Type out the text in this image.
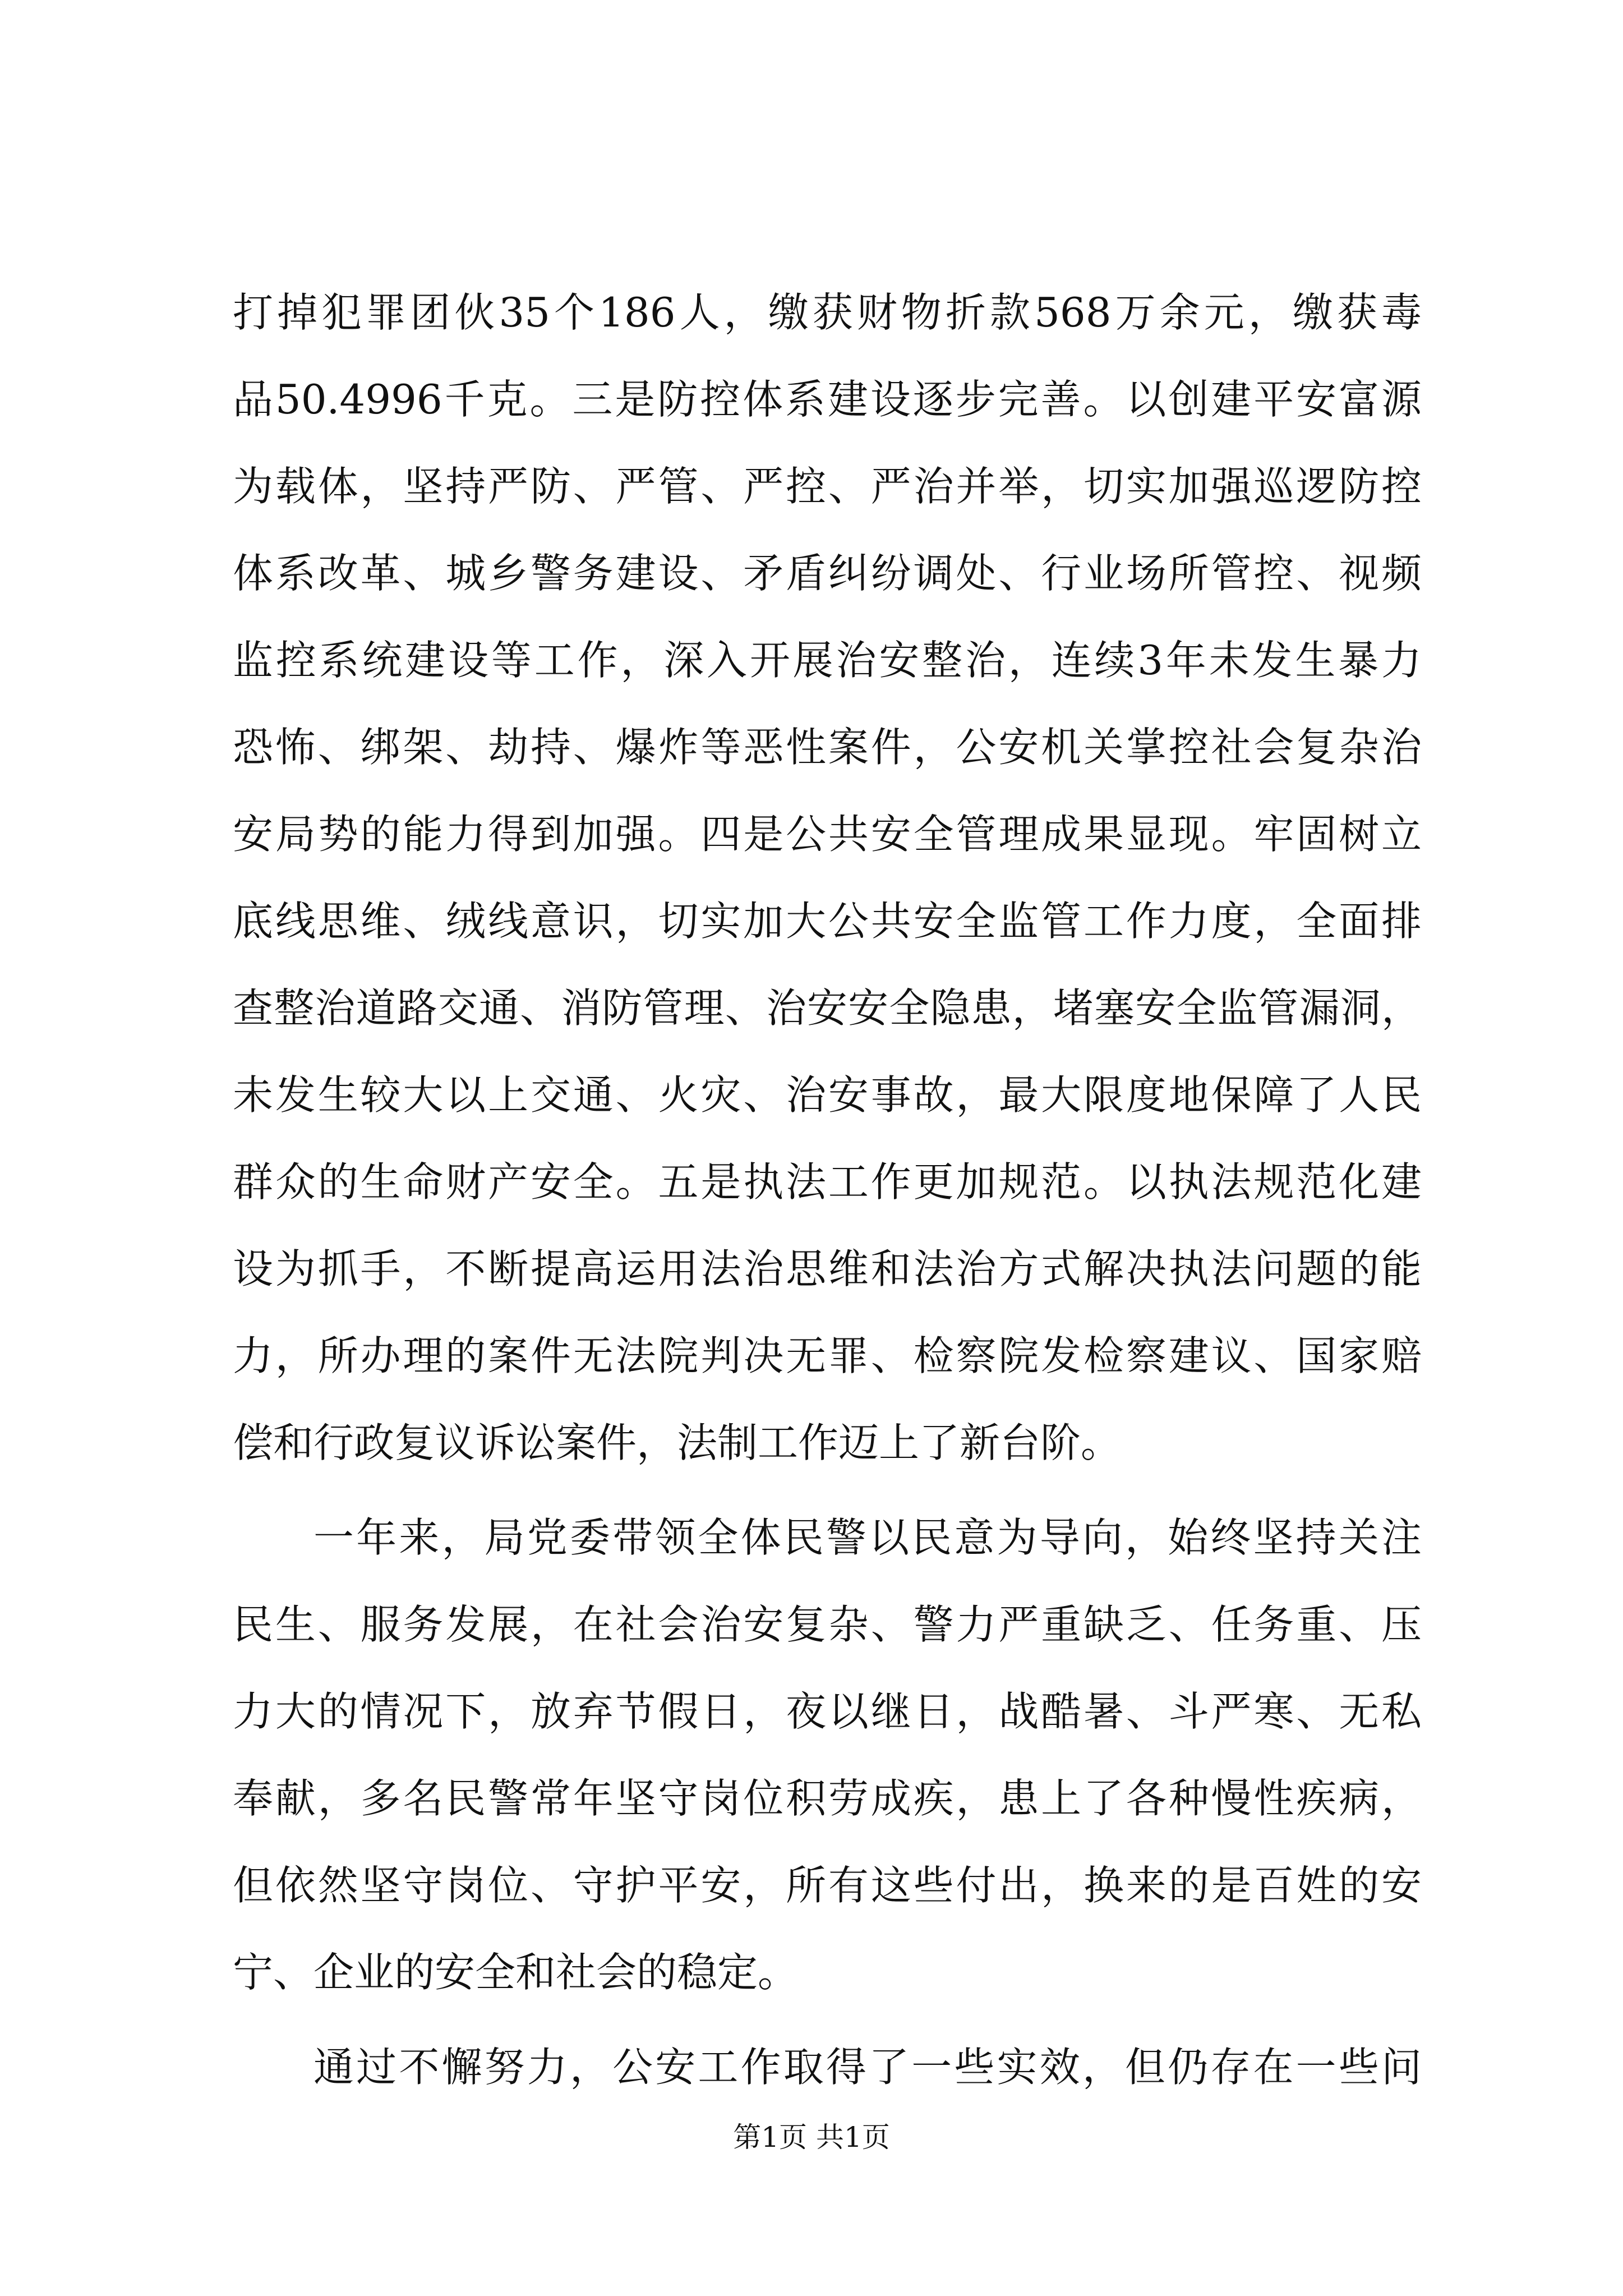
打掉犯罪团伙35个186人，缴获财物折款568万余元，缴获毒
品50.4996千克。三是防控体系建设逐步完善。以创建平安富源
为载体，坚持严防、严管、严控、严治并举，切实加强巡逻防控
体系改革、城乡警务建设、矛盾纠纷调处、行业场所管控、视频
监控系统建设等工作，深入开展治安整治，连续3年未发生暴力
恐怖、绑架、劫持、爆炸等恶性案件，公安机关掌控社会复杂治
安局势的能力得到加强。四是公共安全管理成果显现。牢固树立
底线思维、绒线意识，切实加大公共安全监管工作力度，全面排
查整治道路交通、消防管理、治安安全隐患，堵塞安全监管漏洞，
未发生较大以上交通、火灾、治安事故，最大限度地保障了人民
群众的生命财产安全。五是执法工作更加规范。以执法规范化建
设为抓手，不断提高运用法治思维和法治方式解决执法问题的能
力，所办理的案件无法院判决无罪、检察院发检察建议、国家赔
偿和行政复议诉讼案件，法制工作迈上了新台阶。
一年来，局党委带领全体民警以民意为导向，始终坚持关注
民生、服务发展，在社会治安复杂、警力严重缺乏、任务重、压
力大的情况下，放弃节假日，夜以继日，战酷暑、斗严寒、无私
奉献，多名民警常年坚守岗位积劳成疾，患上了各种慢性疾病，
但依然坚守岗位、守护平安，所有这些付出，换来的是百姓的安
宁、企业的安全和社会的稳定。
通过不懈努力，公安工作取得了一些实效，但仍存在一些问
第1页 共1页
